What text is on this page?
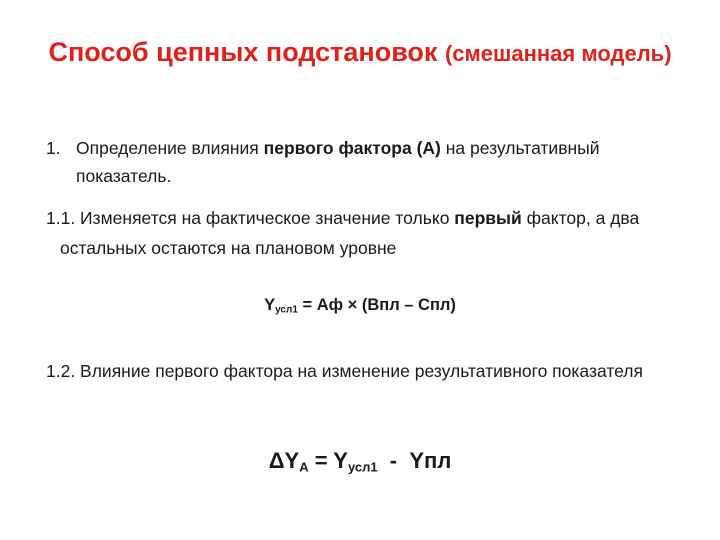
Способ цепных подстановок (смешанная модель)
1. Определение влияния первого фактора (А) на результативный показатель.
1.1. Изменяется на фактическое значение только первый фактор, а два остальных остаются на плановом уровне
$Y_{усл1}$ = Аф × (Впл – Спл)
1.2. Влияние первого фактора на изменение результативного показателя
$\Delta Y_A = Y_{усл1}$  -  Yпл
